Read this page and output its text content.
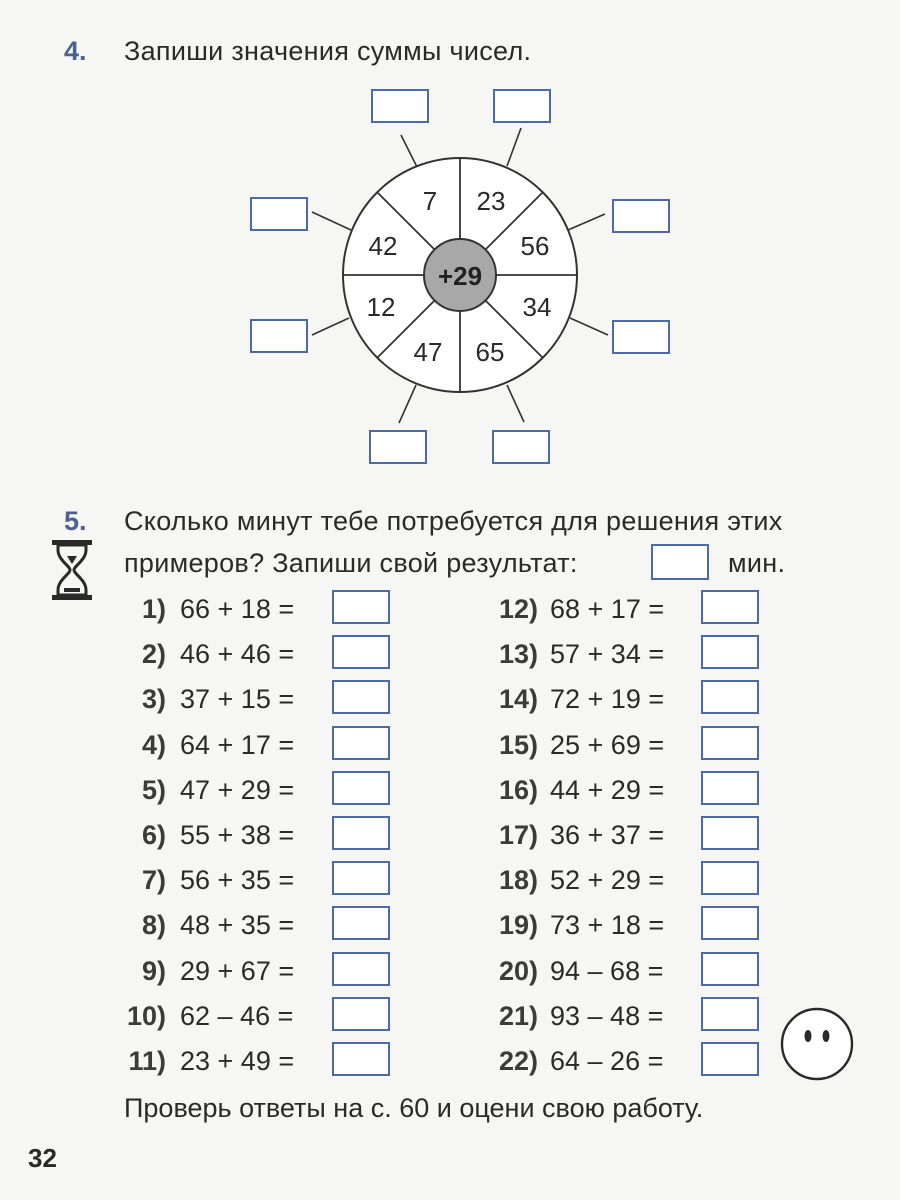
4. Запиши значения суммы чисел.
+29
7 23
56
34
65
47
12
42
5. Сколько минут тебе потребуется для решения этих
примеров? Запиши свой результат:	мин.
1) 66 + 18 =
2) 46 + 46 =
3) 37 + 15 =
4) 64 + 17 =
5) 47 + 29 =
6) 55 + 38 =
7) 56 + 35 =
8) 48 + 35 =
9) 29 + 67 =
10) 62 – 46 =
11) 23 + 49 =
12) 68 + 17 =
13) 57 + 34 =
14) 72 + 19 =
15) 25 + 69 =
16) 44 + 29 =
17) 36 + 37 =
18) 52 + 29 =
19) 73 + 18 =
20) 94 – 68 =
21) 93 – 48 =
22) 64 – 26 =
Проверь ответы на с. 60 и оцени свою работу.
32
